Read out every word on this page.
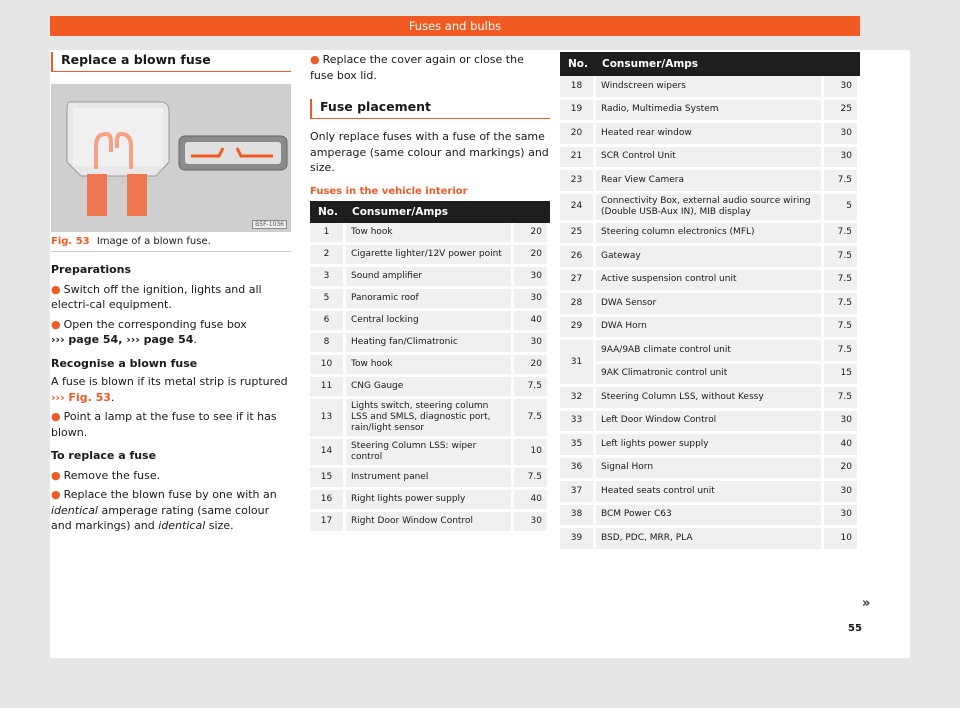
Fuses and bulbs
Replace a blown fuse
B5F-1036
Fig. 53 Image of a blown fuse.
Preparations
● Switch off the ignition, lights and all electri-cal equipment.
● Open the corresponding fuse box
››› page 54, ››› page 54.
Recognise a blown fuse
A fuse is blown if its metal strip is ruptured
››› Fig. 53.
● Point a lamp at the fuse to see if it has blown.
To replace a fuse
● Remove the fuse.
● Replace the blown fuse by one with an identical amperage rating (same colour and markings) and identical size.
● Replace the cover again or close the fuse box lid.
Fuse placement
Only replace fuses with a fuse of the same amperage (same colour and markings) and size.
Fuses in the vehicle interior
No.	Consumer/Amps	
1	Tow hook	20
2	Cigarette lighter/12V power point	20
3	Sound amplifier	30
5	Panoramic roof	30
6	Central locking	40
8	Heating fan/Climatronic	30
10	Tow hook	20
11	CNG Gauge	7.5
13	Lights switch, steering column LSS and SMLS, diagnostic port, rain/light sensor	7.5
14	Steering Column LSS: wiper control	10
15	Instrument panel	7.5
16	Right lights power supply	40
17	Right Door Window Control	30
No.	Consumer/Amps	
18	Windscreen wipers	30
19	Radio, Multimedia System	25
20	Heated rear window	30
21	SCR Control Unit	30
23	Rear View Camera	7.5
24	Connectivity Box, external audio source wiring (Double USB-Aux IN), MIB display	5
25	Steering column electronics (MFL)	7.5
26	Gateway	7.5
27	Active suspension control unit	7.5
28	DWA Sensor	7.5
29	DWA Horn	7.5
31	9AA/9AB climate control unit	7.5
	9AK Climatronic control unit	15
32	Steering Column LSS, without Kessy	7.5
33	Left Door Window Control	30
35	Left lights power supply	40
36	Signal Horn	20
37	Heated seats control unit	30
38	BCM Power C63	30
39	BSD, PDC, MRR, PLA	10
»
55
